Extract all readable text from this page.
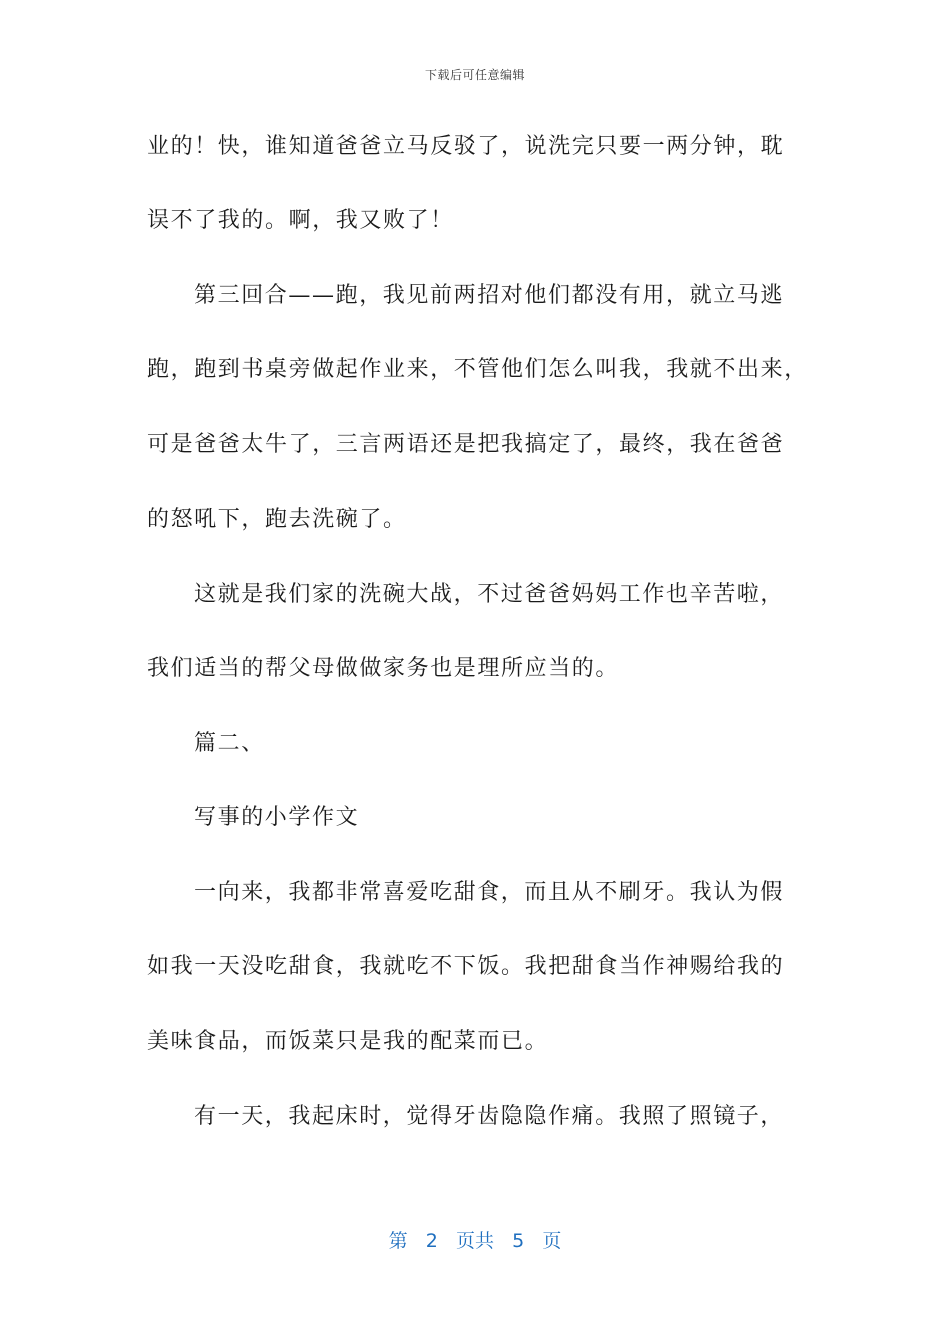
下载后可任意编辑
业的！快，谁知道爸爸立马反驳了，说洗完只要一两分钟，耽
误不了我的。啊，我又败了！
第三回合——跑，我见前两招对他们都没有用，就立马逃
跑，跑到书桌旁做起作业来，不管他们怎么叫我，我就不出来，
可是爸爸太牛了，三言两语还是把我搞定了，最终，我在爸爸
的怒吼下，跑去洗碗了。
这就是我们家的洗碗大战，不过爸爸妈妈工作也辛苦啦，
我们适当的帮父母做做家务也是理所应当的。
篇二、
写事的小学作文
一向来，我都非常喜爱吃甜食，而且从不刷牙。我认为假
如我一天没吃甜食，我就吃不下饭。我把甜食当作神赐给我的
美味食品，而饭菜只是我的配菜而已。
有一天，我起床时，觉得牙齿隐隐作痛。我照了照镜子，
第 2 页共 5 页
